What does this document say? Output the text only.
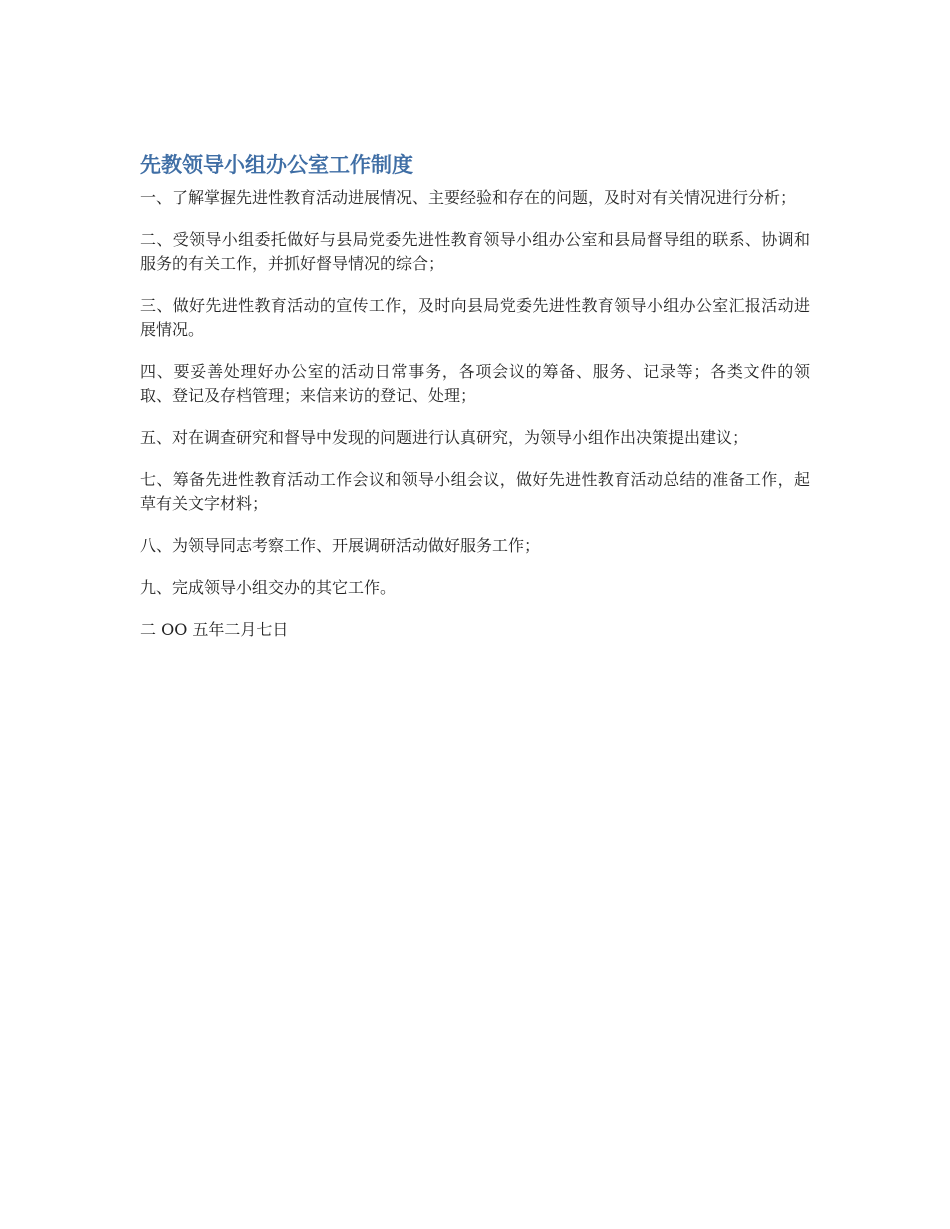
先教领导小组办公室工作制度

一、了解掌握先进性教育活动进展情况、主要经验和存在的问题，及时对有关情况进行分析；

二、受领导小组委托做好与县局党委先进性教育领导小组办公室和县局督导组的联系、协调和服务的有关工作，并抓好督导情况的综合；

三、做好先进性教育活动的宣传工作，及时向县局党委先进性教育领导小组办公室汇报活动进展情况。

四、要妥善处理好办公室的活动日常事务，各项会议的筹备、服务、记录等；各类文件的领取、登记及存档管理；来信来访的登记、处理；

五、对在调查研究和督导中发现的问题进行认真研究，为领导小组作出决策提出建议；

七、筹备先进性教育活动工作会议和领导小组会议，做好先进性教育活动总结的准备工作，起草有关文字材料；

八、为领导同志考察工作、开展调研活动做好服务工作；

九、完成领导小组交办的其它工作。

二 OO 五年二月七日
